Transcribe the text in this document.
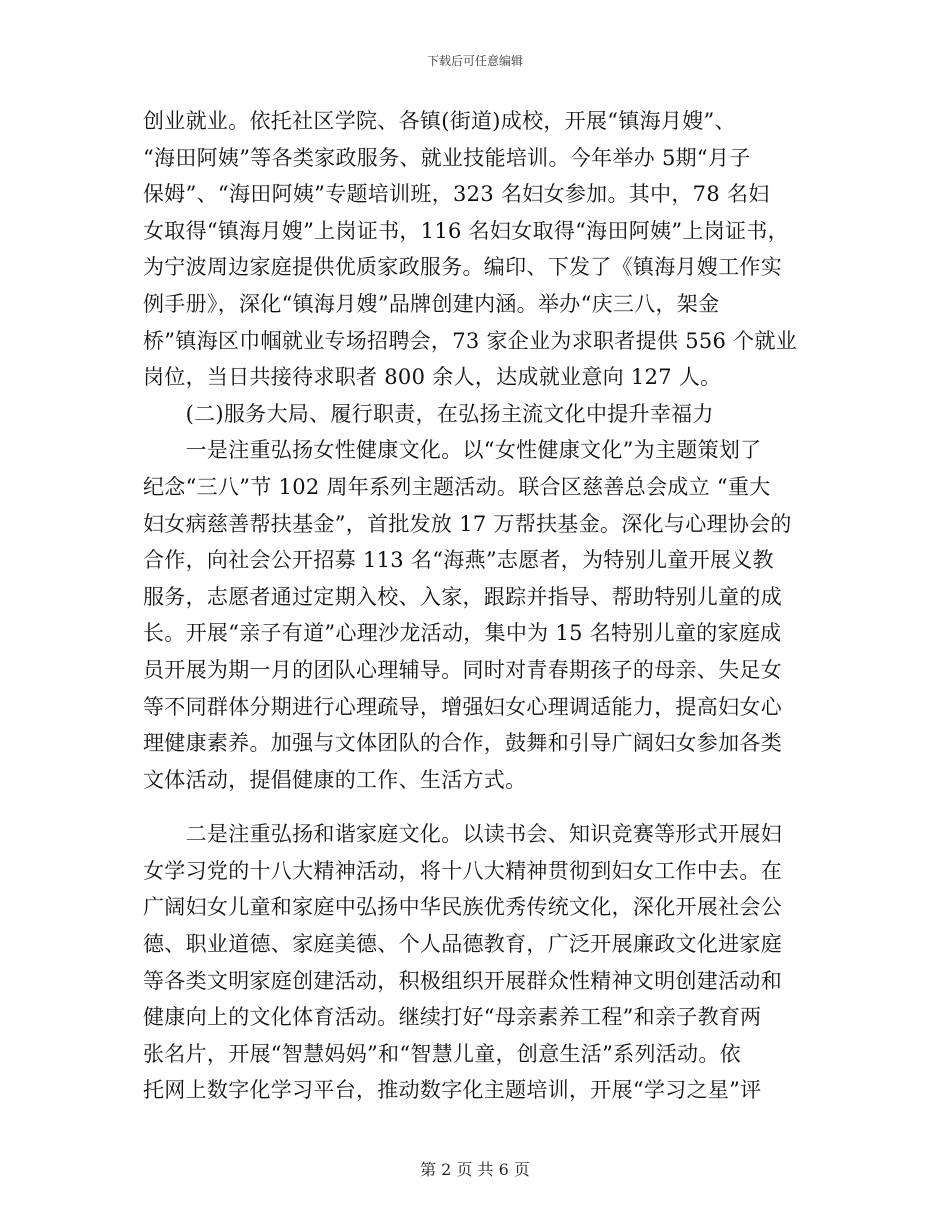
下载后可任意编辑
创业就业。依托社区学院、各镇(街道)成校，开展“镇海月嫂”、
“海田阿姨”等各类家政服务、就业技能培训。今年举办 5期“月子
保姆”、“海田阿姨”专题培训班，323 名妇女参加。其中，78 名妇
女取得“镇海月嫂”上岗证书，116 名妇女取得“海田阿姨”上岗证书，
为宁波周边家庭提供优质家政服务。编印、下发了《镇海月嫂工作实
例手册》，深化“镇海月嫂”品牌创建内涵。举办“庆三八，架金
桥”镇海区巾帼就业专场招聘会，73 家企业为求职者提供 556 个就业
岗位，当日共接待求职者 800 余人，达成就业意向 127 人。
　　(二)服务大局、履行职责，在弘扬主流文化中提升幸福力
　　一是注重弘扬女性健康文化。以“女性健康文化”为主题策划了
纪念“三八”节 102 周年系列主题活动。联合区慈善总会成立 “重大
妇女病慈善帮扶基金”，首批发放 17 万帮扶基金。深化与心理协会的
合作，向社会公开招募 113 名“海燕”志愿者，为特别儿童开展义教
服务，志愿者通过定期入校、入家，跟踪并指导、帮助特别儿童的成
长。开展“亲子有道”心理沙龙活动，集中为 15 名特别儿童的家庭成
员开展为期一月的团队心理辅导。同时对青春期孩子的母亲、失足女
等不同群体分期进行心理疏导，增强妇女心理调适能力，提高妇女心
理健康素养。加强与文体团队的合作，鼓舞和引导广阔妇女参加各类
文体活动，提倡健康的工作、生活方式。
　　二是注重弘扬和谐家庭文化。以读书会、知识竞赛等形式开展妇
女学习党的十八大精神活动，将十八大精神贯彻到妇女工作中去。在
广阔妇女儿童和家庭中弘扬中华民族优秀传统文化，深化开展社会公
德、职业道德、家庭美德、个人品德教育，广泛开展廉政文化进家庭
等各类文明家庭创建活动，积极组织开展群众性精神文明创建活动和
健康向上的文化体育活动。继续打好“母亲素养工程”和亲子教育两
张名片，开展“智慧妈妈”和“智慧儿童，创意生活”系列活动。依
托网上数字化学习平台，推动数字化主题培训，开展“学习之星”评
第 2 页 共 6 页
